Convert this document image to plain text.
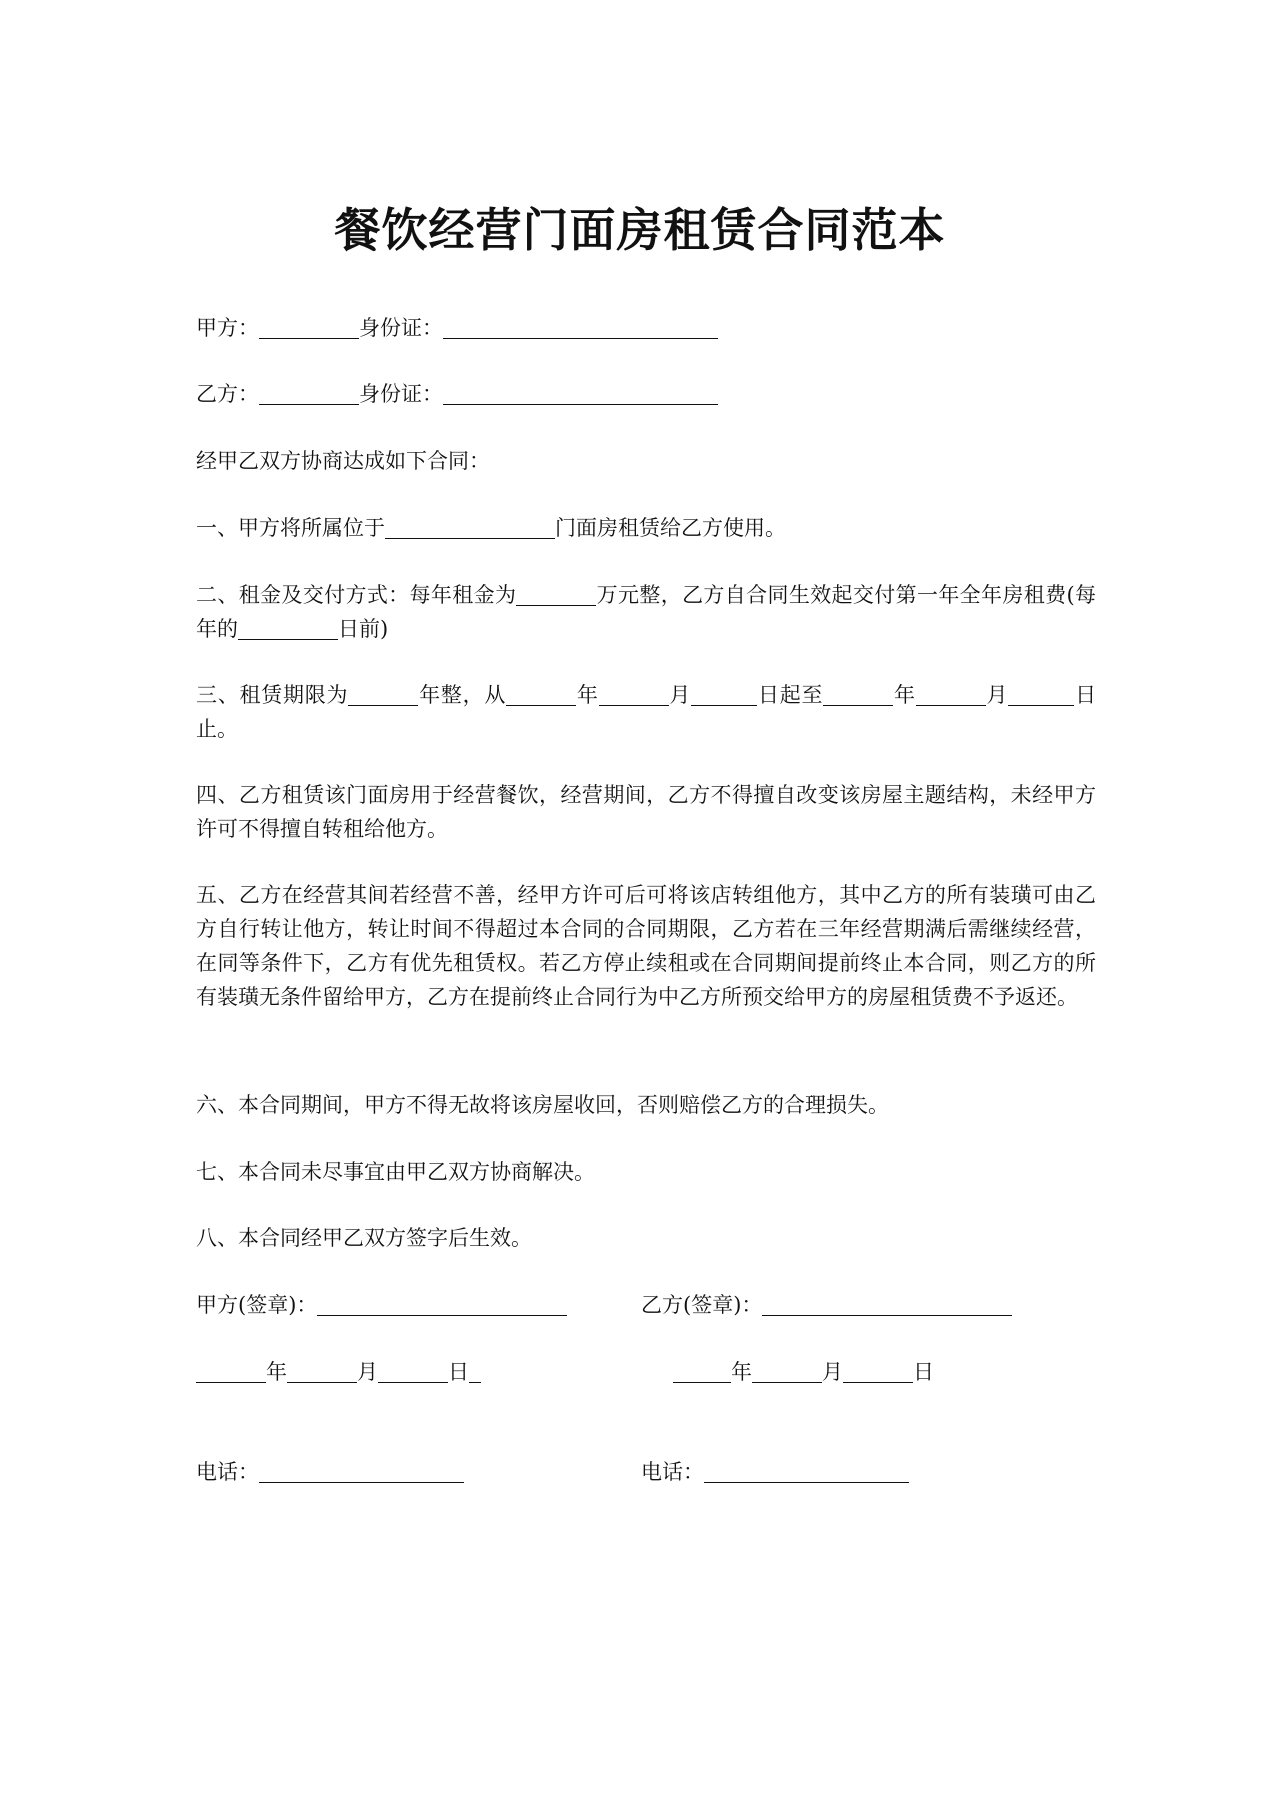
餐饮经营门面房租赁合同范本

甲方：	身份证：

乙方：	身份证：

经甲乙双方协商达成如下合同：

一、甲方将所属位于	门面房租赁给乙方使用。

二、租金及交付方式：每年租金为	万元整，乙方自合同生效起交付第一年全年房租费(每年的	日前)

三、租赁期限为	年整，从	年	月	日起至	年	月	日止。

四、乙方租赁该门面房用于经营餐饮，经营期间，乙方不得擅自改变该房屋主题结构，未经甲方许可不得擅自转租给他方。

五、乙方在经营其间若经营不善，经甲方许可后可将该店转组他方，其中乙方的所有装璜可由乙方自行转让他方，转让时间不得超过本合同的合同期限，乙方若在三年经营期满后需继续经营，在同等条件下，乙方有优先租赁权。若乙方停止续租或在合同期间提前终止本合同，则乙方的所有装璜无条件留给甲方，乙方在提前终止合同行为中乙方所预交给甲方的房屋租赁费不予返还。

六、本合同期间，甲方不得无故将该房屋收回，否则赔偿乙方的合理损失。

七、本合同未尽事宜由甲乙双方协商解决。

八、本合同经甲乙双方签字后生效。

甲方(签章)：	乙方(签章)：

年	月	日	年	月	日

电话：	电话：
